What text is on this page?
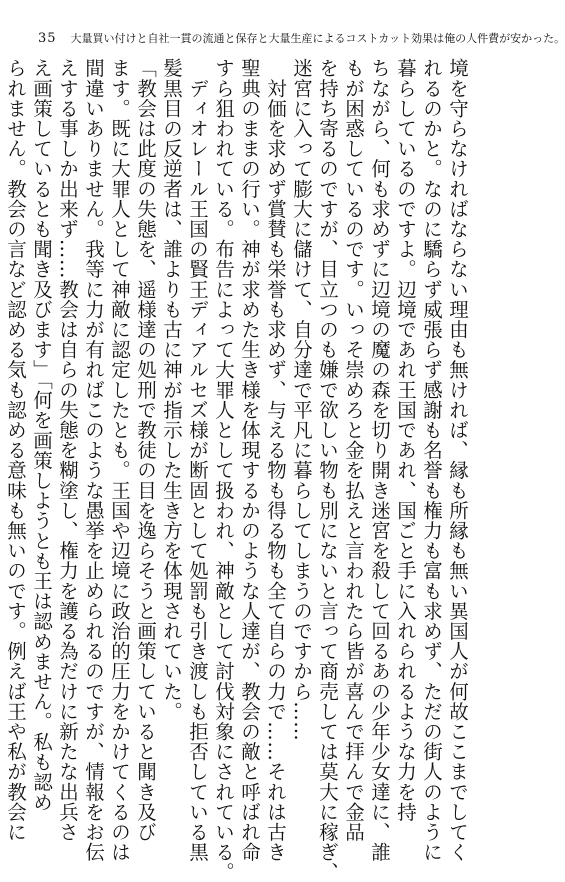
35 大量買い付けと自社一貫の流通と保存と大量生産によるコストカット効果は俺の人件費が安かった。
境を守らなければならない理由も無ければ、縁も所縁も無い異国人が何故ここまでしてく
れるのかと。なのに驕らず威張らず感謝も名誉も権力も富も求めず、ただの街人のように
暮らしているのですよ。辺境であれ王国であれ、国ごと手に入れられるような力を持
ちながら、何も求めずに辺境の魔の森を切り開き迷宮を殺して回るあの少年少女達に、誰
もが困惑しているのです。いっそ崇めろと金を払えと言われたら皆が喜んで拝んで金品
を持ち寄るのですが、目立つのも嫌で欲しい物も別にないと言って商売しては莫大に稼ぎ、
迷宮に入って膨大に儲けて、自分達で平凡に暮らしてしまうのですから……
　対価を求めず賞賛も栄誉も求めず、与える物も得る物も全て自らの力で……それは古き
聖典のままの行い。神が求めた生き様を体現するかのような人達が、教会の敵と呼ばれ命
すら狙われている。布告によって大罪人として扱われ、神敵として討伐対象にされている。
　ディオレール王国の賢王ディアルセズ様が断固として処罰も引き渡しも拒否している黒
髪黒目の反逆者は、誰よりも古に神が指示した生き方を体現されていた。
「教会は此度の失態を、遥様達の処刑で教徒の目を逸らそうと画策していると聞き及び
ます。既に大罪人として神敵に認定したとも。王国や辺境に政治的圧力をかけてくるのは
間違いありません。我等に力が有ればこのような愚挙を止められるのですが、情報をお伝
えする事しか出来ず……教会は自らの失態を糊塗し、権力を護る為だけに新たな出兵さ
え画策しているとも聞き及びます」「何を画策しようとも王は認めません。私も認め
られません。教会の言など認める気も認める意味も無いのです。例えば王や私が教会に
